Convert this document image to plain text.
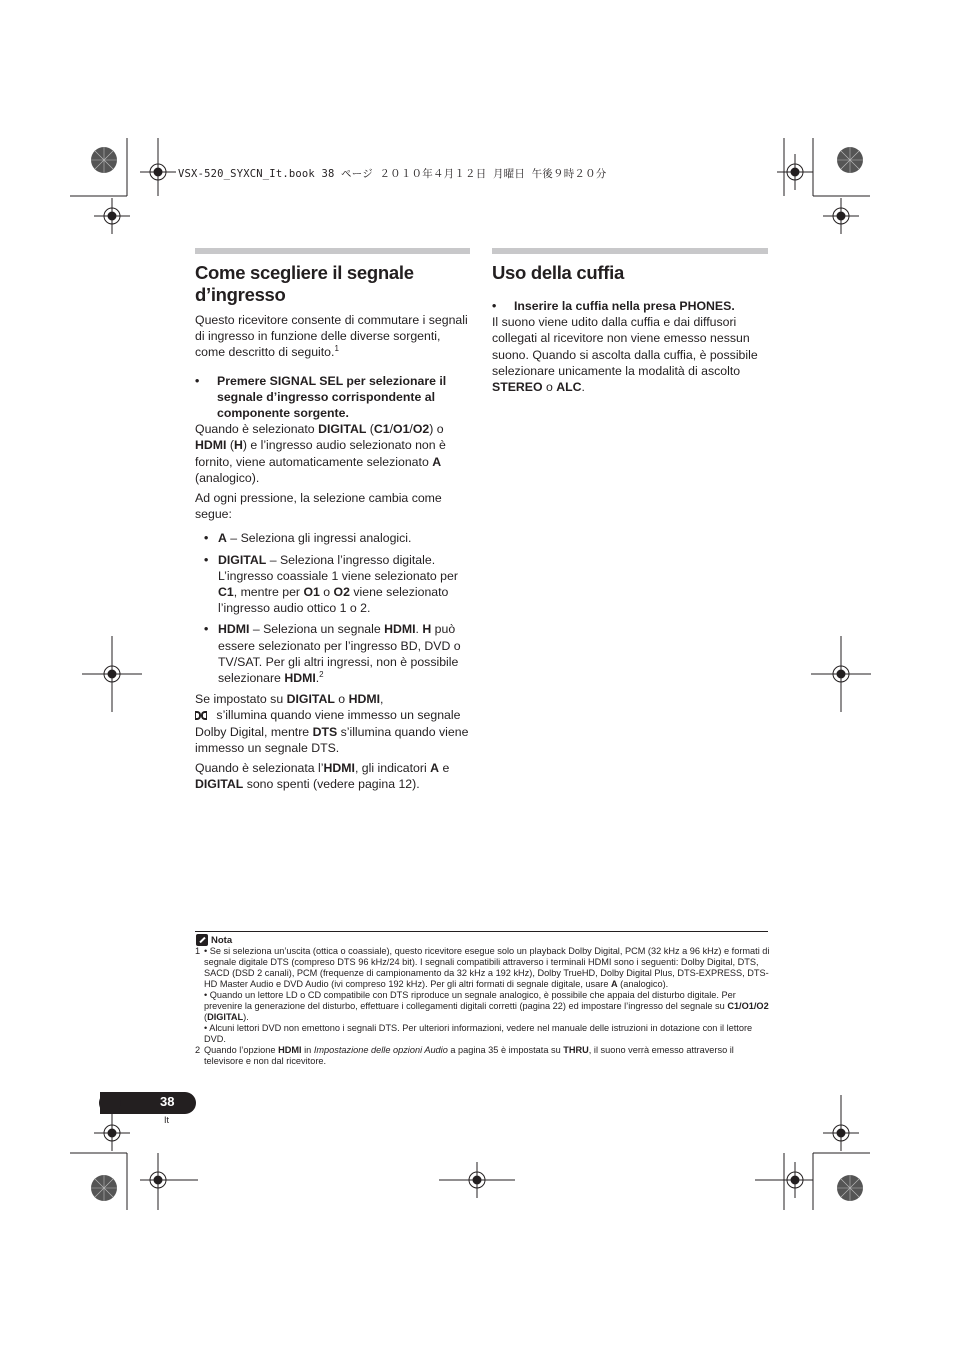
VSX-520_SYXCN_It.book 38 ページ ２０１０年４月１２日 月曜日 午後９時２０分
Come scegliere il segnale d’ingresso

Questo ricevitore consente di commutare i segnali di ingresso in funzione delle diverse sorgenti, come descritto di seguito.$^1$

• Premere SIGNAL SEL per selezionare il segnale d’ingresso corrispondente al componente sorgente.

Quando è selezionato DIGITAL (C1/O1/O2) o HDMI (H) e l’ingresso audio selezionato non è fornito, viene automaticamente selezionato A (analogico).

Ad ogni pressione, la selezione cambia come segue:

• A – Seleziona gli ingressi analogici.
• DIGITAL – Seleziona l’ingresso digitale. L’ingresso coassiale 1 viene selezionato per C1, mentre per O1 o O2 viene selezionato l’ingresso audio ottico 1 o 2.
• HDMI – Seleziona un segnale HDMI. H può essere selezionato per l’ingresso BD, DVD o TV/SAT. Per gli altri ingressi, non è possibile selezionare HDMI.$^2$

Se impostato su DIGITAL o HDMI,

s’illumina quando viene immesso un segnale Dolby Digital, mentre DTS s’illumina quando viene immesso un segnale DTS.

Quando è selezionata l’HDMI, gli indicatori A e DIGITAL sono spenti (vedere pagina 12).

Uso della cuffia
• Inserire la cuffia nella presa PHONES.

Il suono viene udito dalla cuffia e dai diffusori collegati al ricevitore non viene emesso nessun suono. Quando si ascolta dalla cuffia, è possibile selezionare unicamente la modalità di ascolto STEREO o ALC.

Nota
1 • Se si seleziona un’uscita (ottica o coassiale), questo ricevitore esegue solo un playback Dolby Digital, PCM (32 kHz a 96 kHz) e formati di segnale digitale DTS (compreso DTS 96 kHz/24 bit). I segnali compatibili attraverso i terminali HDMI sono i seguenti: Dolby Digital, DTS, SACD (DSD 2 canali), PCM (frequenze di campionamento da 32 kHz a 192 kHz), Dolby TrueHD, Dolby Digital Plus, DTS-EXPRESS, DTS-HD Master Audio e DVD Audio (ivi compreso 192 kHz). Per gli altri formati di segnale digitale, usare A (analogico).
• Quando un lettore LD o CD compatibile con DTS riproduce un segnale analogico, è possibile che appaia del disturbo digitale. Per prevenire la generazione del disturbo, effettuare i collegamenti digitali corretti (pagina 22) ed impostare l’ingresso del segnale su C1/O1/O2 (DIGITAL).
• Alcuni lettori DVD non emettono i segnali DTS. Per ulteriori informazioni, vedere nel manuale delle istruzioni in dotazione con il lettore DVD.
2 Quando l’opzione HDMI in Impostazione delle opzioni Audio a pagina 35 è impostata su THRU, il suono verrà emesso attraverso il televisore e non dal ricevitore.
38
It
